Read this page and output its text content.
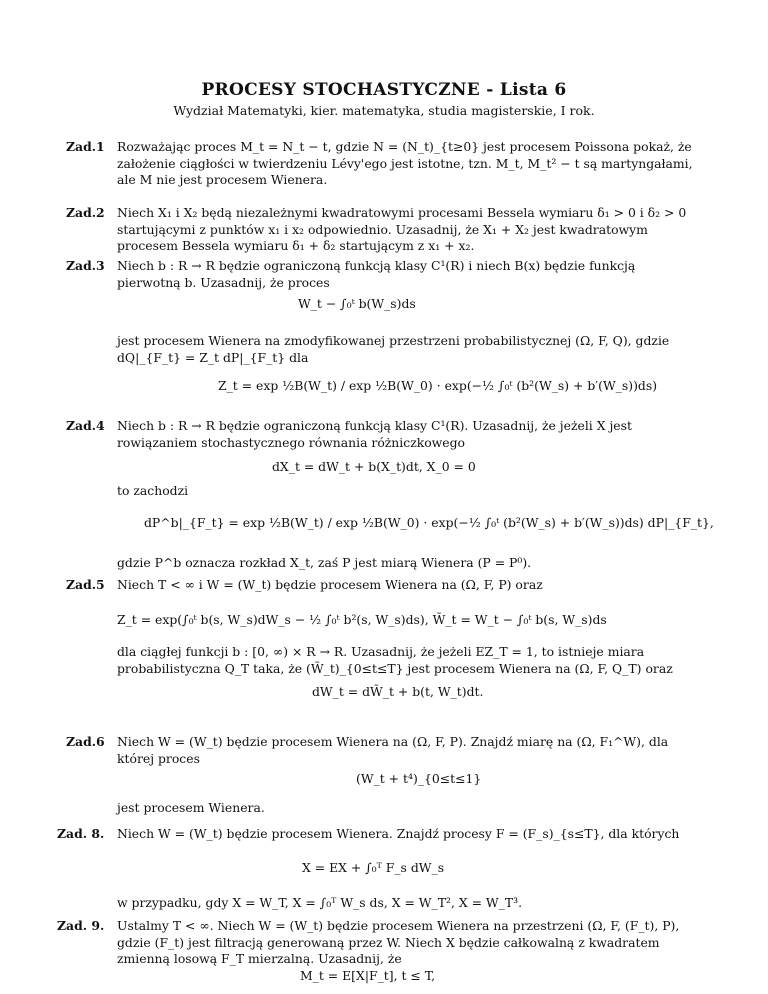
PROCESY STOCHASTYCZNE - Lista 6
Wydział Matematyki, kier. matematyka, studia magisterskie, I rok.
Zad.1 Rozważając proces M_t = N_t − t, gdzie N = (N_t)_{t≥0} jest procesem Poissona pokaż, że
założenie ciągłości w twierdzeniu Lévy'ego jest istotne, tzn. M_t, M_t² − t są martyngałami,
ale M nie jest procesem Wienera.
Zad.2 Niech X₁ i X₂ będą niezależnymi kwadratowymi procesami Bessela wymiaru δ₁ > 0 i δ₂ > 0
startującymi z punktów x₁ i x₂ odpowiednio. Uzasadnij, że X₁ + X₂ jest kwadratowym
procesem Bessela wymiaru δ₁ + δ₂ startującym z x₁ + x₂.
Zad.3 Niech b : R → R będzie ograniczoną funkcją klasy C¹(R) i niech B(x) będzie funkcją
pierwotną b. Uzasadnij, że proces
W_t − ∫₀ᵗ b(W_s)ds
jest procesem Wienera na zmodyfikowanej przestrzeni probabilistycznej (Ω, F, Q), gdzie
dQ|_{F_t} = Z_t dP|_{F_t} dla
Z_t = exp ½B(W_t) / exp ½B(W_0) · exp(−½ ∫₀ᵗ (b²(W_s) + b′(W_s))ds)
Zad.4 Niech b : R → R będzie ograniczoną funkcją klasy C¹(R). Uzasadnij, że jeżeli X jest
rowiązaniem stochastycznego równania różniczkowego
dX_t = dW_t + b(X_t)dt, X_0 = 0
to zachodzi
dP^b|_{F_t} = exp ½B(W_t) / exp ½B(W_0) · exp(−½ ∫₀ᵗ (b²(W_s) + b′(W_s))ds) dP|_{F_t},
gdzie P^b oznacza rozkład X_t, zaś P jest miarą Wienera (P = P⁰).
Zad.5 Niech T < ∞ i W = (W_t) będzie procesem Wienera na (Ω, F, P) oraz
Z_t = exp(∫₀ᵗ b(s, W_s)dW_s − ½ ∫₀ᵗ b²(s, W_s)ds), W̃_t = W_t − ∫₀ᵗ b(s, W_s)ds
dla ciągłej funkcji b : [0, ∞) × R → R. Uzasadnij, że jeżeli EZ_T = 1, to istnieje miara
probabilistyczna Q_T taka, że (W̃_t)_{0≤t≤T} jest procesem Wienera na (Ω, F, Q_T) oraz
dW_t = dW̃_t + b(t, W_t)dt.
Zad.6 Niech W = (W_t) będzie procesem Wienera na (Ω, F, P). Znajdź miarę na (Ω, F₁^W), dla
której proces
(W_t + t⁴)_{0≤t≤1}
jest procesem Wienera.
Zad. 8. Niech W = (W_t) będzie procesem Wienera. Znajdź procesy F = (F_s)_{s≤T}, dla których
X = EX + ∫₀ᵀ F_s dW_s
w przypadku, gdy X = W_T, X = ∫₀ᵀ W_s ds, X = W_T², X = W_T³.
Zad. 9. Ustalmy T < ∞. Niech W = (W_t) będzie procesem Wienera na przestrzeni (Ω, F, (F_t), P),
gdzie (F_t) jest filtracją generowaną przez W. Niech X będzie całkowalną z kwadratem
zmienną losową F_T mierzalną. Uzasadnij, że
M_t = E[X|F_t], t ≤ T,
